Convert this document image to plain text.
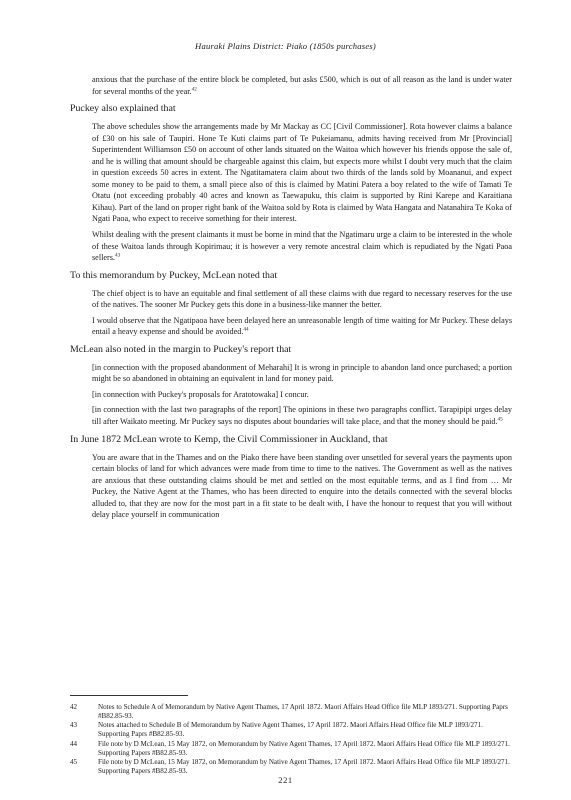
Hauraki Plains District: Piako (1850s purchases)

anxious that the purchase of the entire block be completed, but asks £500, which is out of all reason as the land is under water for several months of the year.$^{42}$

Puckey also explained that

The above schedules show the arrangements made by Mr Mackay as CC [Civil Commissioner]. Rota however claims a balance of £30 on his sale of Taupiri. Hone Te Kuti claims part of Te Pukeiamanu, admits having received from Mr [Provincial] Superintendent Williamson £50 on account of other lands situated on the Waitoa which however his friends oppose the sale of, and he is willing that amount should be chargeable against this claim, but expects more whilst I doubt very much that the claim in question exceeds 50 acres in extent. The Ngatitamatera claim about two thirds of the lands sold by Moananui, and expect some money to be paid to them, a small piece also of this is claimed by Matini Patera a boy related to the wife of Tamati Te Otatu (not exceeding probably 40 acres and known as Taewapuku, this claim is supported by Rini Karepe and Karaitiana Kihau). Part of the land on proper right bank of the Waitoa sold by Rota is claimed by Wata Hangata and Natanahira Te Koka of Ngati Paoa, who expect to receive something for their interest.

Whilst dealing with the present claimants it must be borne in mind that the Ngatimaru urge a claim to be interested in the whole of these Waitoa lands through Kopirimau; it is however a very remote ancestral claim which is repudiated by the Ngati Paoa sellers.$^{43}$

To this memorandum by Puckey, McLean noted that

The chief object is to have an equitable and final settlement of all these claims with due regard to necessary reserves for the use of the natives. The sooner Mr Puckey gets this done in a business-like manner the better.

I would observe that the Ngatipaoa have been delayed here an unreasonable length of time waiting for Mr Puckey. These delays entail a heavy expense and should be avoided.$^{44}$

McLean also noted in the margin to Puckey's report that

[in connection with the proposed abandonment of Meharahi] It is wrong in principle to abandon land once purchased; a portion might be so abandoned in obtaining an equivalent in land for money paid.

[in connection with Puckey's proposals for Aratotowaka] I concur.

[in connection with the last two paragraphs of the report] The opinions in these two paragraphs conflict. Tarapipipi urges delay till after Waikato meeting. Mr Puckey says no disputes about boundaries will take place, and that the money should be paid.$^{45}$

In June 1872 McLean wrote to Kemp, the Civil Commissioner in Auckland, that

You are aware that in the Thames and on the Piako there have been standing over unsettled for several years the payments upon certain blocks of land for which advances were made from time to time to the natives. The Government as well as the natives are anxious that these outstanding claims should be met and settled on the most equitable terms, and as I find from … Mr Puckey, the Native Agent at the Thames, who has been directed to enquire into the details connected with the several blocks alluded to, that they are now for the most part in a fit state to be dealt with, I have the honour to request that you will without delay place yourself in communication

42	Notes to Schedule A of Memorandum by Native Agent Thames, 17 April 1872. Maori Affairs Head Office file MLP 1893/271. Supporting Paprs #B82.85-93.
43	Notes attached to Schedule B of Memorandum by Native Agent Thames, 17 April 1872. Maori Affairs Head Office file MLP 1893/271. Supporting Paprs #B82.85-93.
44	File note by D McLean, 15 May 1872, on Memorandum by Native Agent Thames, 17 April 1872. Maori Affairs Head Office file MLP 1893/271. Supporting Papers #B82.85-93.
45	File note by D McLean, 15 May 1872, on Memorandum by Native Agent Thames, 17 April 1872. Maori Affairs Head Office file MLP 1893/271. Supporting Papers #B82.85-93.
221
